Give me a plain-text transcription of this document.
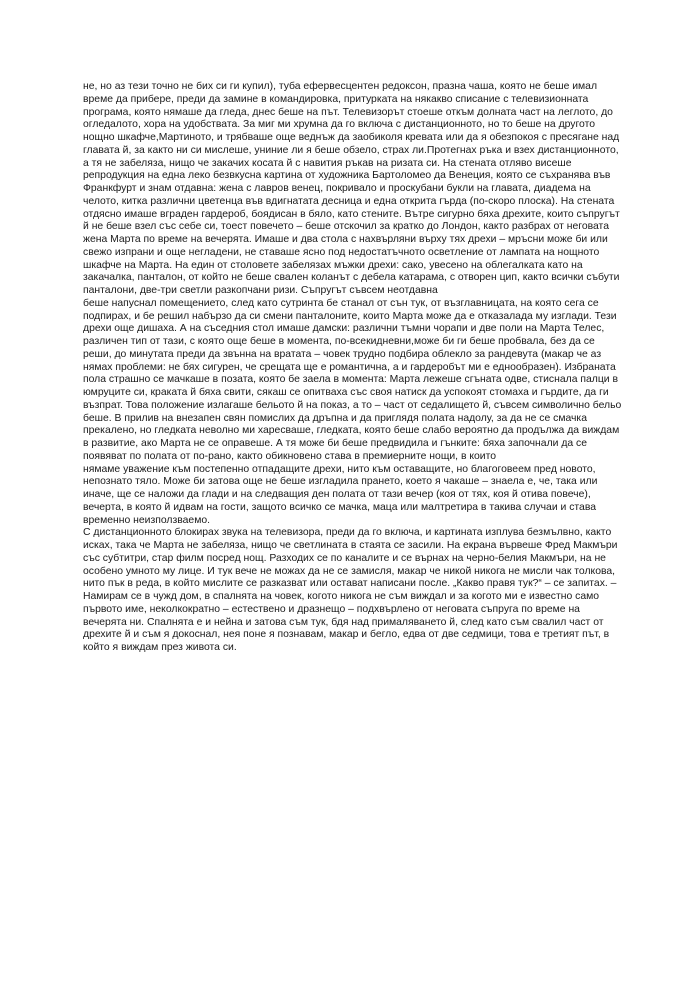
не, но аз тези точно не бих си ги купил), туба ефервесцентен редоксон, празна чаша, която не беше имал време да прибере, преди да замине в командировка, притурката на някакво списание с телевизионната програма, която нямаше да гледа, днес беше на път. Телевизорът стоеше откъм долната част на леглото, до огледалото, хора на удобствата. За миг ми хрумна да го включа с дистанционното, но то беше на другото нощно шкафче,Мартиното, и трябваше още веднъж да заобиколя кревата или да я обезпокоя с пресягане над главата й, за както ни си мислеше, униние ли я беше обзело, страх ли.Протегнах ръка и взех дистанционното, а тя не забеляза, нищо че закачих косата й с навития ръкав на ризата си. На стената отляво висеше репродукция на една леко безвкусна картина от художника Бартоломео да Венеция, която се съхранява във Франкфурт и знам отдавна: жена с лавров венец, покривало и проскубани букли на главата, диадема на челото, китка различни цветенца във вдигнатата десница и една открита гърда (по-скоро плоска). На стената отдясно имаше вграден гардероб, боядисан в бяло, като стените. Вътре сигурно бяха дрехите, които съпругът й не беше взел със себе си, тоест повечето – беше отскочил за кратко до Лондон, както разбрах от неговата жена Марта по време на вечерята. Имаше и два стола с нахвърляни върху тях дрехи – мръсни може би или свежо изпрани и още негладени, не ставаше ясно под недостатъчното осветление от лампата на нощното шкафче на Марта. На един от столовете забелязах мъжки дрехи: сако, увесено на облегалката като на закачалка, панталон, от който не беше свален коланът с дебела катарама, с отворен цип, както всички събути панталони, две-три светли разкопчани ризи. Съпругът съвсем неотдавна

беше напуснал помещението, след като сутринта бе станал от сън тук, от възглавницата, на която сега се подпирах, и бе решил набързо да си смени панталоните, които Марта може да е отказалада му изглади. Тези дрехи още дишаха. А на съседния стол имаше дамски: различни тъмни чорапи и две поли на Марта Телес, различен тип от тази, с която още беше в момента, по-всекидневни,може би ги беше пробвала, без да се реши, до минутата преди да звънна на вратата – човек трудно подбира облекло за рандевута (макар че аз нямах проблеми: не бях сигурен, че срещата ще е романтична, а и гардеробът ми е еднообразен). Избраната пола страшно се мачкаше в позата, която бе заела в момента: Марта лежеше сгъната одве, стиснала палци в юмруците си, краката й бяха свити, сякаш се опитваха със своя натиск да успокоят стомаха и гърдите, да ги възпрат. Това положение излагаше бельото й на показ, а то – част от седалището й, съвсем символично бельо беше. В прилив на внезапен свян помислих да дръпна и да приглядя полата надолу, за да не се смачка прекалено, но гледката неволно ми харесваше, гледката, която беше слабо вероятно да продължа да виждам в развитие, ако Марта не се оправеше. А тя може би беше предвидила и гънките: бяха започнали да се появяват по полата от по-рано, както обикновено става в премиерните нощи, в които

нямаме уважение към постепенно отпадащите дрехи, нито към оставащите, но благоговеем пред новото, непознато тяло. Може би затова още не беше изгладила прането, което я чакаше – знаела е, че, така или иначе, ще се наложи да глади и на следващия ден полата от тази вечер (коя от тях, коя й отива повече), вечерта, в която й идвам на гости, защото всичко се мачка, маца или малтретира в такива случаи и става временно неизползваемо.

С дистанционното блокирах звука на телевизора, преди да го включа, и картината изплува безмълвно, както исках, така че Марта не забеляза, нищо че светлината в стаята се засили. На екрана вървеше Фред Макмъри със субтитри, стар филм посред нощ. Разходих се по каналите и се върнах на черно-белия Макмъри, на не особено умното му лице. И тук вече не можах да не се замисля, макар че никой никога не мисли чак толкова, нито пък в реда, в който мислите се разказват или остават написани после. „Какво правя тук?“ – се запитах. – Намирам се в чужд дом, в спалнята на човек, когото никога не съм виждал и за когото ми е известно само първото име, неколкократно – естествено и дразнещо – подхвърлено от неговата съпруга по време на вечерята ни. Спалнята е и нейна и затова съм тук, бдя над прималяването й, след като съм свалил част от дрехите й и съм я докоснал, нея поне я познавам, макар и бегло, едва от две седмици, това е третият път, в който я виждам през живота си.
